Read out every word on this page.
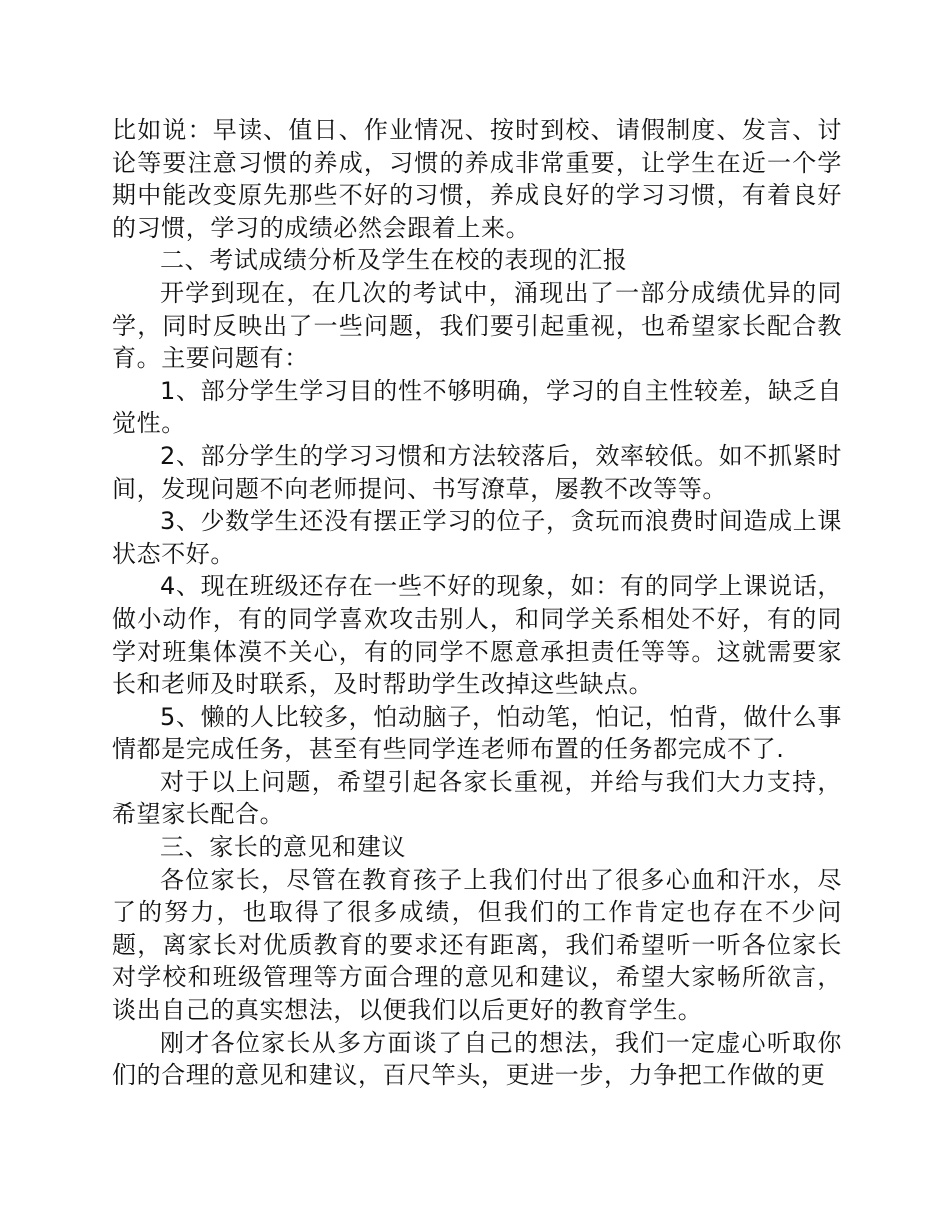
比如说：早读、值日、作业情况、按时到校、请假制度、发言、讨论等要注意习惯的养成，习惯的养成非常重要，让学生在近一个学期中能改变原先那些不好的习惯，养成良好的学习习惯，有着良好的习惯，学习的成绩必然会跟着上来。

二、考试成绩分析及学生在校的表现的汇报

开学到现在，在几次的考试中，涌现出了一部分成绩优异的同学，同时反映出了一些问题，我们要引起重视，也希望家长配合教育。主要问题有：

1、部分学生学习目的性不够明确，学习的自主性较差，缺乏自觉性。

2、部分学生的学习习惯和方法较落后，效率较低。如不抓紧时间，发现问题不向老师提问、书写潦草，屡教不改等等。

3、少数学生还没有摆正学习的位子，贪玩而浪费时间造成上课状态不好。

4、现在班级还存在一些不好的现象，如：有的同学上课说话，做小动作，有的同学喜欢攻击别人，和同学关系相处不好，有的同学对班集体漠不关心，有的同学不愿意承担责任等等。这就需要家长和老师及时联系，及时帮助学生改掉这些缺点。

5、懒的人比较多，怕动脑子，怕动笔，怕记，怕背，做什么事情都是完成任务，甚至有些同学连老师布置的任务都完成不了.

对于以上问题，希望引起各家长重视，并给与我们大力支持，希望家长配合。

三、家长的意见和建议

各位家长，尽管在教育孩子上我们付出了很多心血和汗水，尽了的努力，也取得了很多成绩，但我们的工作肯定也存在不少问题，离家长对优质教育的要求还有距离，我们希望听一听各位家长对学校和班级管理等方面合理的意见和建议，希望大家畅所欲言，谈出自己的真实想法，以便我们以后更好的教育学生。

刚才各位家长从多方面谈了自己的想法，我们一定虚心听取你们的合理的意见和建议，百尺竿头，更进一步，力争把工作做的更
